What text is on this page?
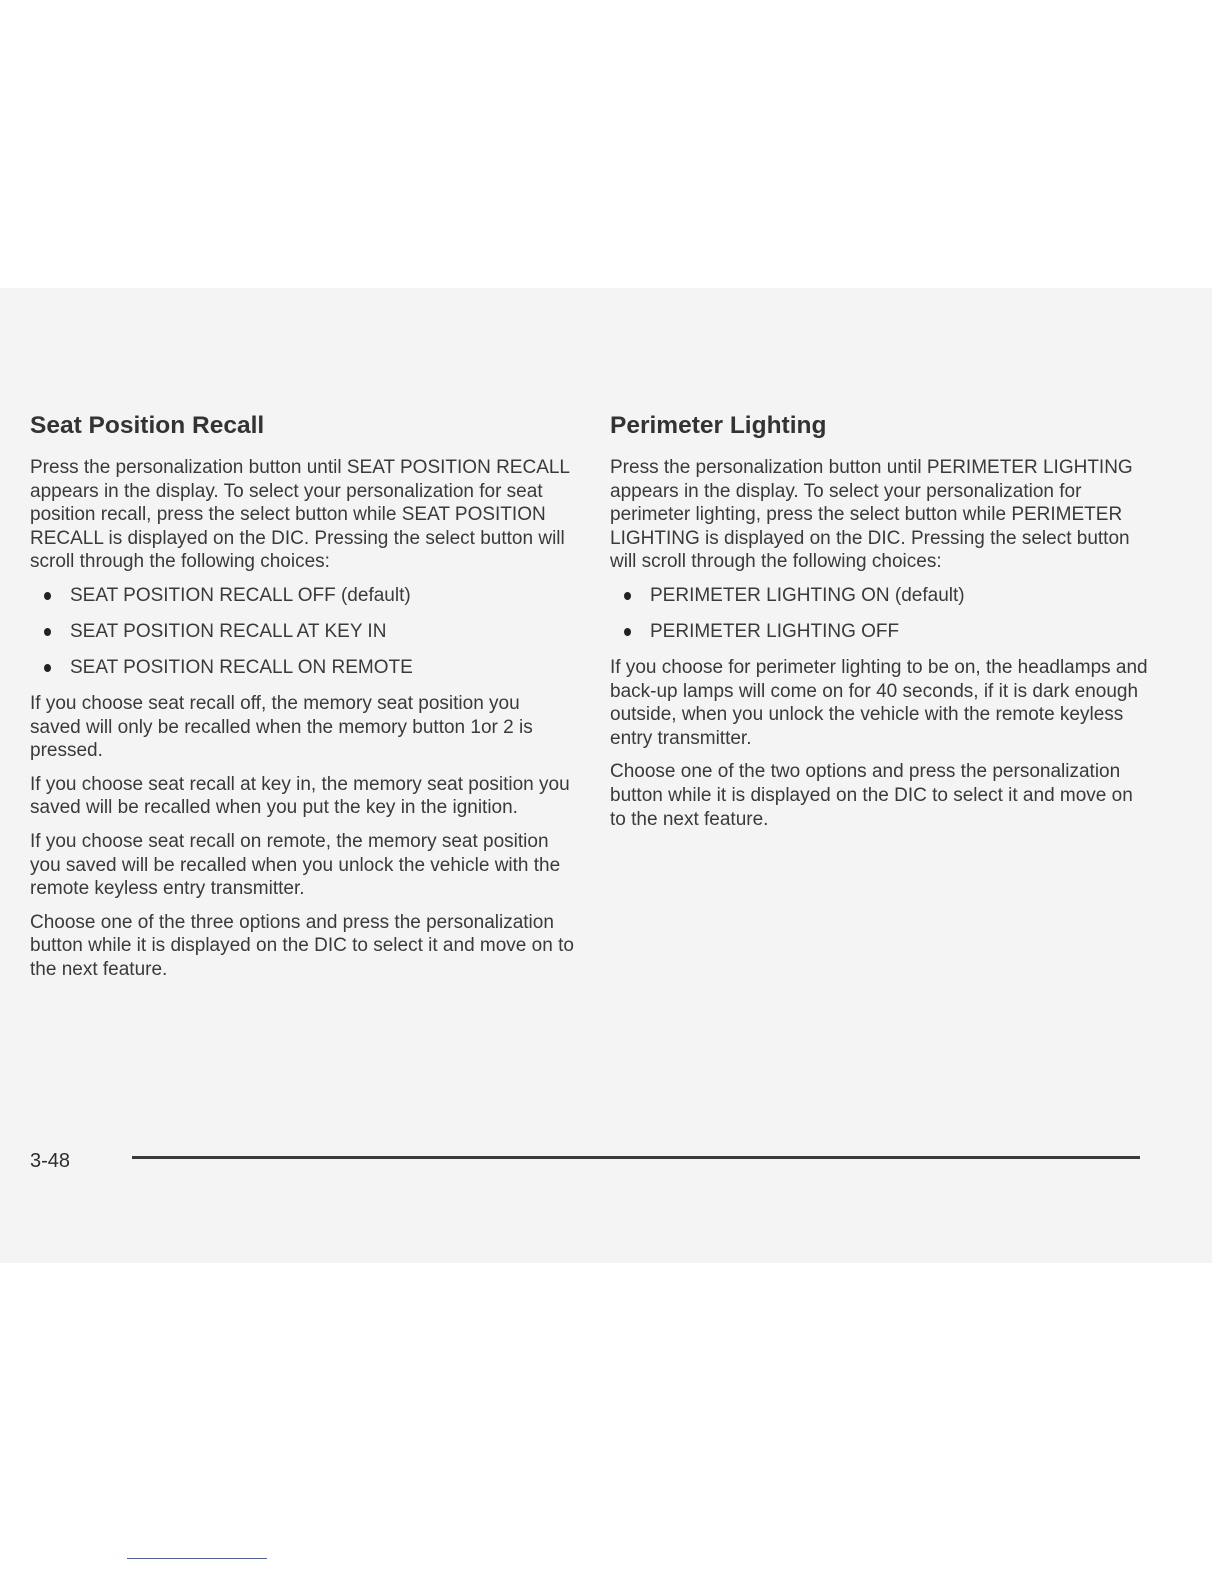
Seat Position Recall

Press the personalization button until SEAT POSITION RECALL appears in the display. To select your personalization for seat position recall, press the select button while SEAT POSITION RECALL is displayed on the DIC. Pressing the select button will scroll through the following choices:

SEAT POSITION RECALL OFF (default)
SEAT POSITION RECALL AT KEY IN
SEAT POSITION RECALL ON REMOTE

If you choose seat recall off, the memory seat position you saved will only be recalled when the memory button 1or 2 is pressed.

If you choose seat recall at key in, the memory seat position you saved will be recalled when you put the key in the ignition.

If you choose seat recall on remote, the memory seat position you saved will be recalled when you unlock the vehicle with the remote keyless entry transmitter.

Choose one of the three options and press the personalization button while it is displayed on the DIC to select it and move on to the next feature.

Perimeter Lighting

Press the personalization button until PERIMETER LIGHTING appears in the display. To select your personalization for perimeter lighting, press the select button while PERIMETER LIGHTING is displayed on the DIC. Pressing the select button will scroll through the following choices:

PERIMETER LIGHTING ON (default)
PERIMETER LIGHTING OFF

If you choose for perimeter lighting to be on, the headlamps and back-up lamps will come on for 40 seconds, if it is dark enough outside, when you unlock the vehicle with the remote keyless entry transmitter.

Choose one of the two options and press the personalization button while it is displayed on the DIC to select it and move on to the next feature.

3-48
